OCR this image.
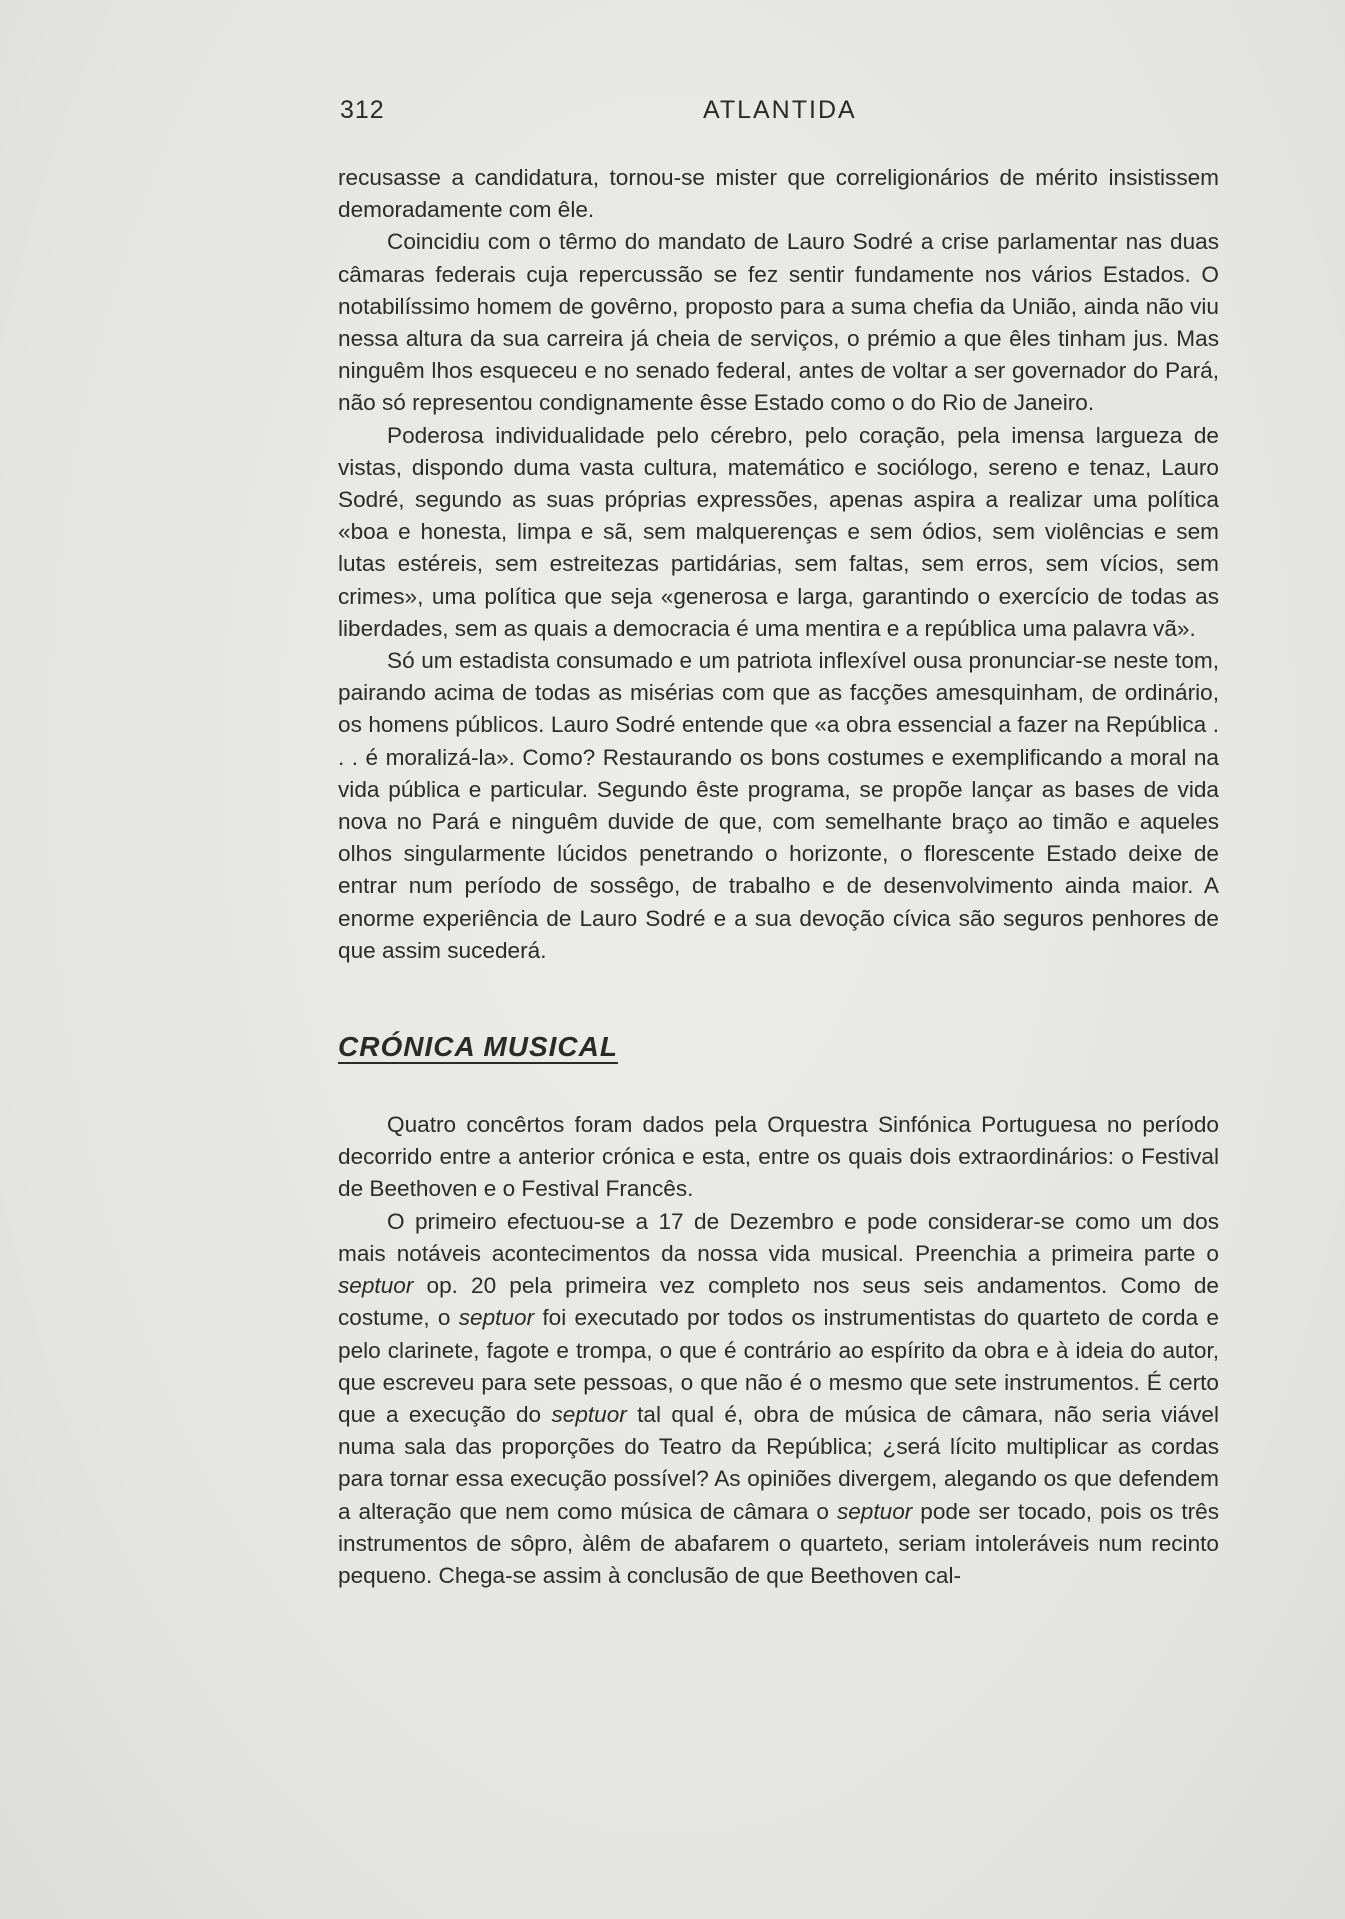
312	ATLANTIDA

recusasse a candidatura, tornou-se mister que correligionários de mérito insistissem demoradamente com êle.

Coincidiu com o têrmo do mandato de Lauro Sodré a crise parlamentar nas duas câmaras federais cuja repercussão se fez sentir fundamente nos vários Estados. O notabilíssimo homem de govêrno, proposto para a suma chefia da União, ainda não viu nessa altura da sua carreira já cheia de serviços, o prémio a que êles tinham jus. Mas ninguêm lhos esqueceu e no senado federal, antes de voltar a ser governador do Pará, não só representou condignamente êsse Estado como o do Rio de Janeiro.

Poderosa individualidade pelo cérebro, pelo coração, pela imensa largueza de vistas, dispondo duma vasta cultura, matemático e sociólogo, sereno e tenaz, Lauro Sodré, segundo as suas próprias expressões, apenas aspira a realizar uma política «boa e honesta, limpa e sã, sem malquerenças e sem ódios, sem violências e sem lutas estéreis, sem estreitezas partidárias, sem faltas, sem erros, sem vícios, sem crimes», uma política que seja «generosa e larga, garantindo o exercício de todas as liberdades, sem as quais a democracia é uma mentira e a república uma palavra vã».

Só um estadista consumado e um patriota inflexível ousa pronunciar-se neste tom, pairando acima de todas as misérias com que as facções amesquinham, de ordinário, os homens públicos. Lauro Sodré entende que «a obra essencial a fazer na República . . . é moralizá-la». Como? Restaurando os bons costumes e exemplificando a moral na vida pública e particular. Segundo êste programa, se propõe lançar as bases de vida nova no Pará e ninguêm duvide de que, com semelhante braço ao timão e aqueles olhos singularmente lúcidos penetrando o horizonte, o florescente Estado deixe de entrar num período de sossêgo, de trabalho e de desenvolvimento ainda maior. A enorme experiência de Lauro Sodré e a sua devoção cívica são seguros penhores de que assim sucederá.

CRÓNICA MUSICAL

Quatro concêrtos foram dados pela Orquestra Sinfónica Portuguesa no período decorrido entre a anterior crónica e esta, entre os quais dois extraordinários: o Festival de Beethoven e o Festival Francês.

O primeiro efectuou-se a 17 de Dezembro e pode considerar-se como um dos mais notáveis acontecimentos da nossa vida musical. Preenchia a primeira parte o septuor op. 20 pela primeira vez completo nos seus seis andamentos. Como de costume, o septuor foi executado por todos os instrumentistas do quarteto de corda e pelo clarinete, fagote e trompa, o que é contrário ao espírito da obra e à ideia do autor, que escreveu para sete pessoas, o que não é o mesmo que sete instrumentos. É certo que a execução do septuor tal qual é, obra de música de câmara, não seria viável numa sala das proporções do Teatro da República; ¿será lícito multiplicar as cordas para tornar essa execução possível? As opiniões divergem, alegando os que defendem a alteração que nem como música de câmara o septuor pode ser tocado, pois os três instrumentos de sôpro, àlêm de abafarem o quarteto, seriam intoleráveis num recinto pequeno. Chega-se assim à conclusão de que Beethoven cal-
